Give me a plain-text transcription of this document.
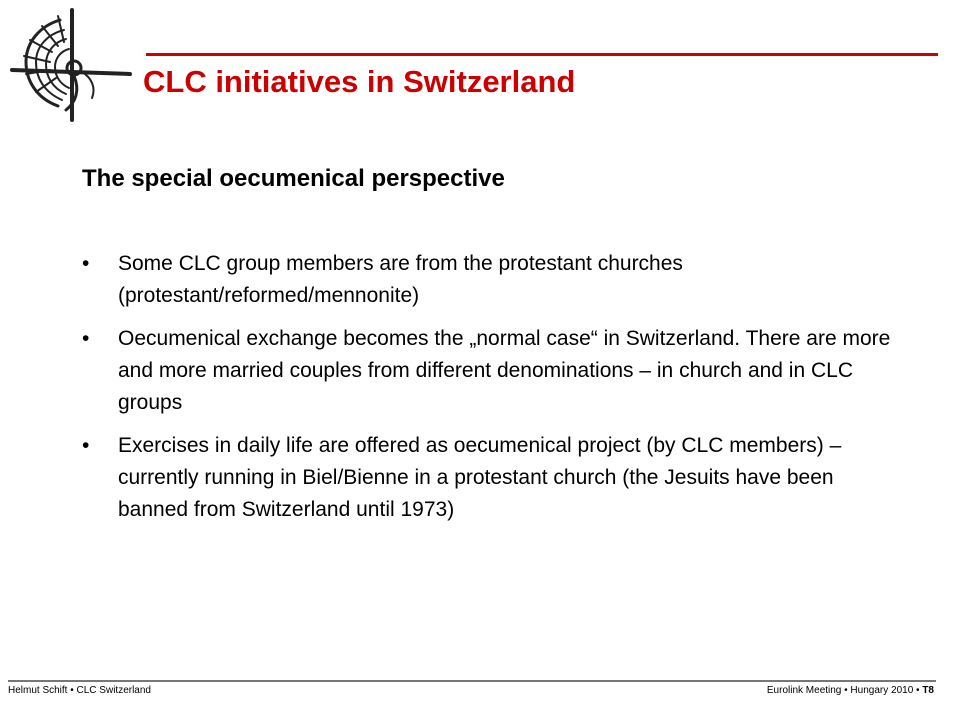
CLC initiatives in Switzerland
The special oecumenical perspective
•	Some CLC group members are from the protestant churches (protestant/reformed/mennonite)
•	Oecumenical exchange becomes the „normal case“ in Switzerland. There are more and more married couples from different denominations – in church and in CLC groups
•	Exercises in daily life are offered as oecumenical project (by CLC members) – currently running in Biel/Bienne in a protestant church (the Jesuits have been banned from Switzerland until 1973)
Helmut Schift • CLC Switzerland	Eurolink Meeting • Hungary 2010 • T8
